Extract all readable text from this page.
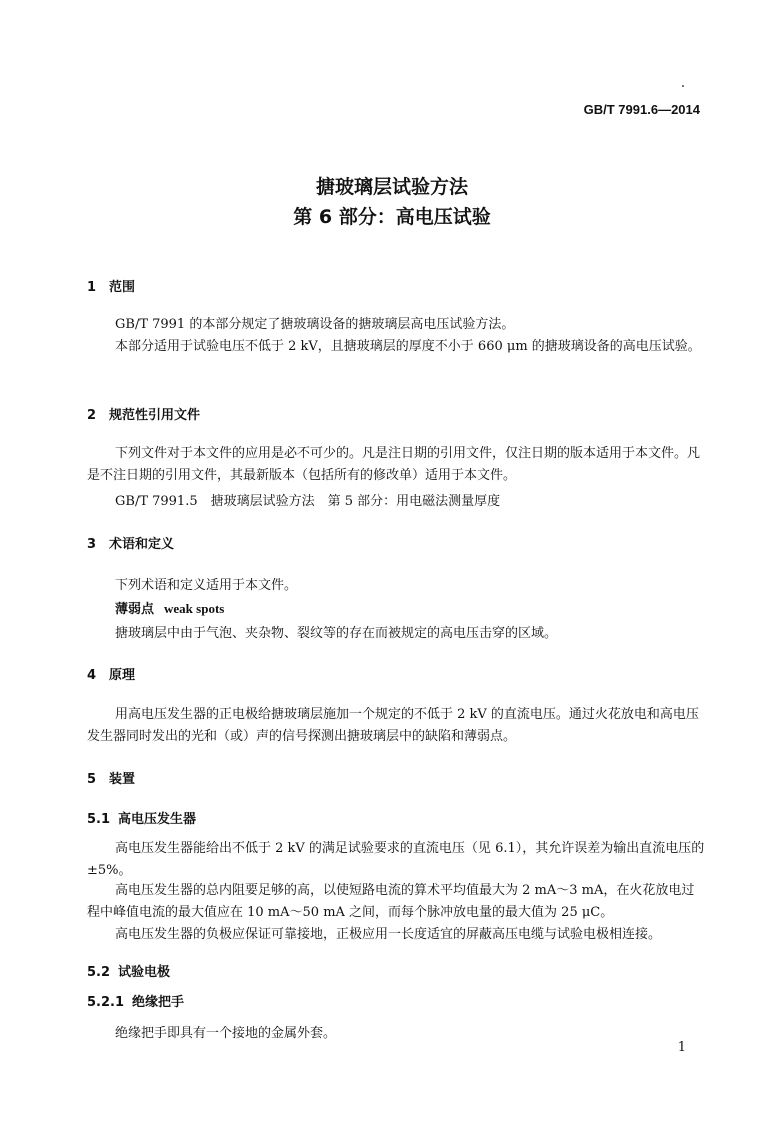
GB/T 7991.6—2014
搪玻璃层试验方法
第 6 部分：高电压试验
1 范围
GB/T 7991 的本部分规定了搪玻璃设备的搪玻璃层高电压试验方法。
本部分适用于试验电压不低于 2 kV，且搪玻璃层的厚度不小于 660 μm 的搪玻璃设备的高电压试验。
2 规范性引用文件
下列文件对于本文件的应用是必不可少的。凡是注日期的引用文件，仅注日期的版本适用于本文件。凡是不注日期的引用文件，其最新版本（包括所有的修改单）适用于本文件。
GB/T 7991.5　搪玻璃层试验方法　第 5 部分：用电磁法测量厚度
3 术语和定义
下列术语和定义适用于本文件。
薄弱点 weak spots
搪玻璃层中由于气泡、夹杂物、裂纹等的存在而被规定的高电压击穿的区域。
4 原理
用高电压发生器的正电极给搪玻璃层施加一个规定的不低于 2 kV 的直流电压。通过火花放电和高电压发生器同时发出的光和（或）声的信号探测出搪玻璃层中的缺陷和薄弱点。
5 装置
5.1 高电压发生器
高电压发生器能给出不低于 2 kV 的满足试验要求的直流电压（见 6.1），其允许误差为输出直流电压的±5%。
高电压发生器的总内阻要足够的高，以使短路电流的算术平均值最大为 2 mA～3 mA，在火花放电过程中峰值电流的最大值应在 10 mA～50 mA 之间，而每个脉冲放电量的最大值为 25 μC。
高电压发生器的负极应保证可靠接地，正极应用一长度适宜的屏蔽高压电缆与试验电极相连接。
5.2 试验电极
5.2.1 绝缘把手
绝缘把手即具有一个接地的金属外套。
1
